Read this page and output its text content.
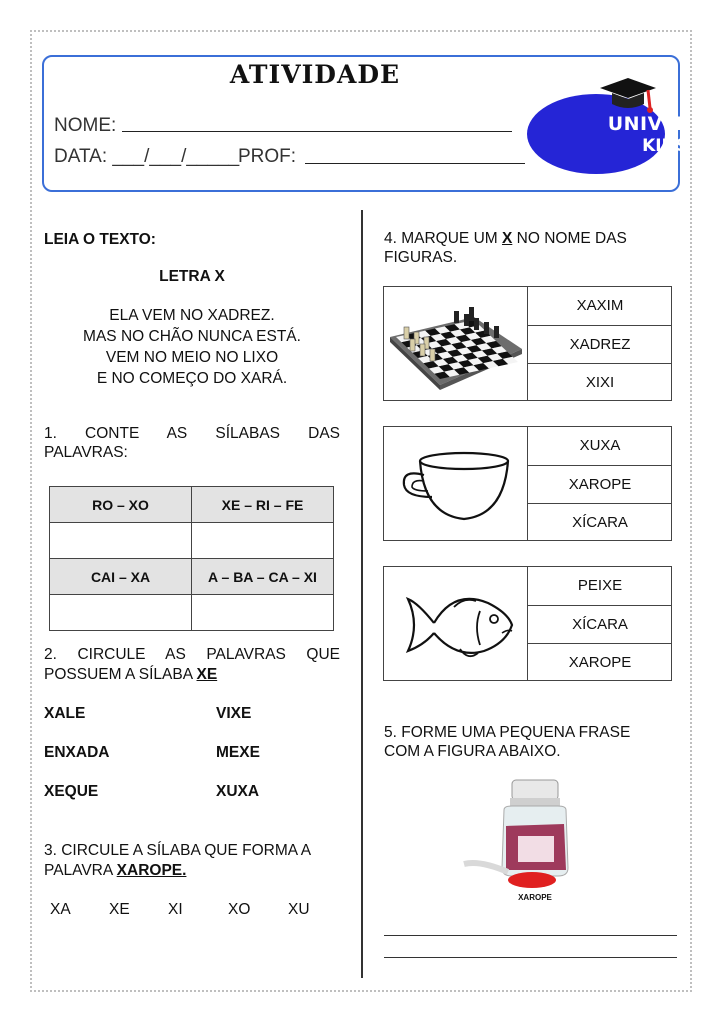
ATIVIDADE
NOME:
DATA: ___/___/_____
PROF:
UNIVERSO
KIDS
LEIA O TEXTO:
LETRA X
ELA VEM NO XADREZ.
MAS NO CHÃO NUNCA ESTÁ.
VEM NO MEIO NO LIXO
E NO COMEÇO DO XARÁ.
1. CONTE AS SÍLABAS DAS
PALAVRAS:
RO – XO	XE – RI – FE

CAI – XA	A – BA – CA – XI

2. CIRCULE AS PALAVRAS QUE
POSSUEM A SÍLABA XE
XALE	VIXE
ENXADA	MEXE
XEQUE	XUXA
3. CIRCULE A SÍLABA QUE FORMA A
PALAVRA XAROPE.
XA XE XI	XO XU
4. MARQUE UM X NO NOME DAS
FIGURAS.
XAXIM
XADREZ
XIXI
XUXA
XAROPE
XÍCARA
PEIXE
XÍCARA
XAROPE
5. FORME UMA PEQUENA FRASE
COM A FIGURA ABAIXO.
XAROPE
